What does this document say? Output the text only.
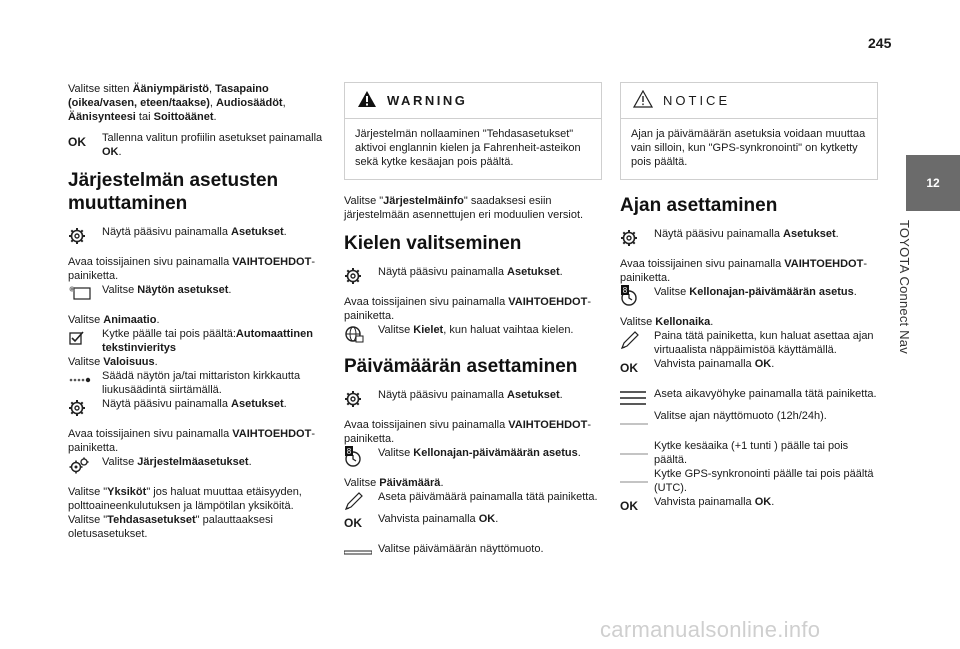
245
12
TOYOTA Connect Nav

Valitse sitten Ääniympäristö, Tasapaino (oikea/vasen, eteen/taakse), Audiosäädöt, Äänisynteesi tai Soittoäänet.

OK Tallenna valitun profiilin asetukset painamalla OK.
Järjestelmän asetusten muuttaminen
Näytä pääsivu painamalla Asetukset.

Avaa toissijainen sivu painamalla VAIHTOEHDOT-painiketta.

Valitse Näytön asetukset.

Valitse Animaatio.

Kytke päälle tai pois päältä:Automaattinen tekstinvieritys

Valitse Valoisuus.

Säädä näytön ja/tai mittariston kirkkautta liukusäädintä siirtämällä.
Näytä pääsivu painamalla Asetukset.

Avaa toissijainen sivu painamalla VAIHTOEHDOT-painiketta.

Valitse Järjestelmäasetukset.

Valitse "Yksiköt" jos haluat muuttaa etäisyyden, polttoaineenkulutuksen ja lämpötilan yksiköitä.

Valitse "Tehdasasetukset" palauttaaksesi oletusasetukset.

WARNING
Järjestelmän nollaaminen "Tehdasasetukset" aktivoi englannin kielen ja Fahrenheit-asteikon sekä kytke kesäajan pois päältä.

Valitse "Järjestelmäinfo" saadaksesi esiin järjestelmään asennettujen eri moduulien versiot.

Kielen valitseminen
Näytä pääsivu painamalla Asetukset.

Avaa toissijainen sivu painamalla VAIHTOEHDOT-painiketta.

Valitse Kielet, kun haluat vaihtaa kielen.
Päivämäärän asettaminen
Näytä pääsivu painamalla Asetukset.

Avaa toissijainen sivu painamalla VAIHTOEHDOT-painiketta.

8 Valitse Kellonajan-päivämäärän asetus.

Valitse Päivämäärä.

Aseta päivämäärä painamalla tätä painiketta.
OK Vahvista painamalla OK.
Valitse päivämäärän näyttömuoto.
NOTICE
Ajan ja päivämäärän asetuksia voidaan muuttaa vain silloin, kun "GPS-synkronointi" on kytketty pois päältä.
Ajan asettaminen
Näytä pääsivu painamalla Asetukset.

Avaa toissijainen sivu painamalla VAIHTOEHDOT-painiketta.

8 Valitse Kellonajan-päivämäärän asetus.

Valitse Kellonaika.

Paina tätä painiketta, kun haluat asettaa ajan virtuaalista näppäimistöä käyttämällä.
OK Vahvista painamalla OK.
Aseta aikavyöhyke painamalla tätä painiketta.
Valitse ajan näyttömuoto (12h/24h).
Kytke kesäaika (+1 tunti ) päälle tai pois päältä.
Kytke GPS-synkronointi päälle tai pois päältä (UTC).
OK Vahvista painamalla OK.
carmanualsonline.info
